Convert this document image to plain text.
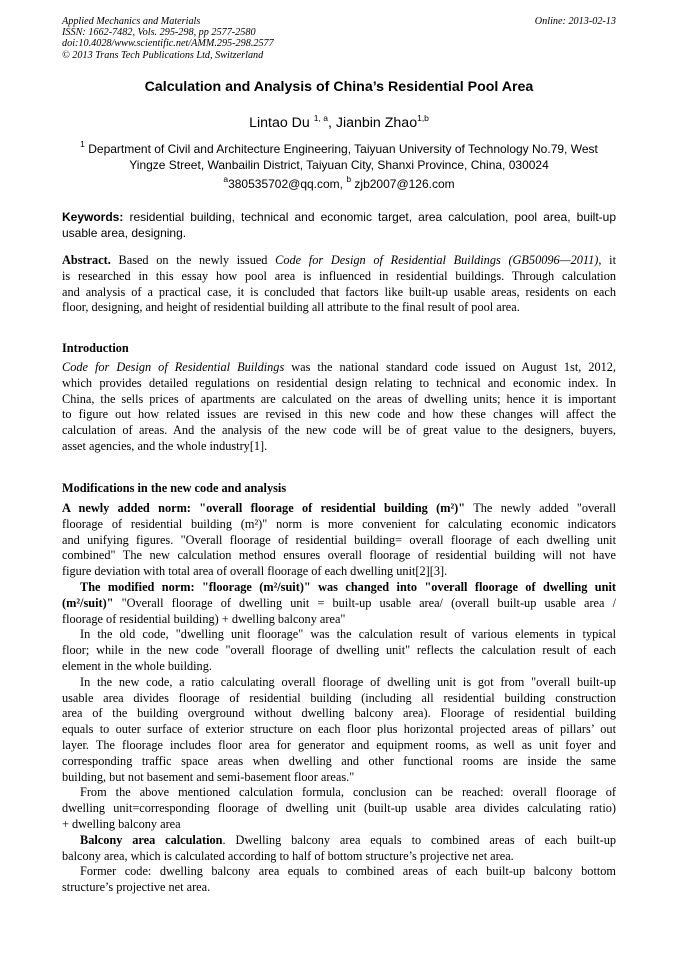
Applied Mechanics and Materials
ISSN: 1662-7482, Vols. 295-298, pp 2577-2580
doi:10.4028/www.scientific.net/AMM.295-298.2577
© 2013 Trans Tech Publications Ltd, Switzerland
Online: 2013-02-13
Calculation and Analysis of China’s Residential Pool Area
Lintao Du $^{1, a}$, Jianbin Zhao$^{1,b}$
$^1$ Department of Civil and Architecture Engineering, Taiyuan University of Technology No.79, West
Yingze Street, Wanbailin District, Taiyuan City, Shanxi Province, China, 030024
$^a$380535702@qq.com, $^b$ zjb2007@126.com
Keywords: residential building, technical and economic target, area calculation, pool area, built-up
usable area, designing.
Abstract. Based on the newly issued Code for Design of Residential Buildings (GB50096—2011), it
is researched in this essay how pool area is influenced in residential buildings. Through calculation
and analysis of a practical case, it is concluded that factors like built-up usable areas, residents on each
floor, designing, and height of residential building all attribute to the final result of pool area.
Introduction
Code for Design of Residential Buildings was the national standard code issued on August 1st, 2012,
which provides detailed regulations on residential design relating to technical and economic index. In
China, the sells prices of apartments are calculated on the areas of dwelling units; hence it is important
to figure out how related issues are revised in this new code and how these changes will affect the
calculation of areas. And the analysis of the new code will be of great value to the designers, buyers,
asset agencies, and the whole industry[1].
Modifications in the new code and analysis
A newly added norm: "overall floorage of residential building (m²)" The newly added "overall
floorage of residential building (m²)" norm is more convenient for calculating economic indicators
and unifying figures. "Overall floorage of residential building= overall floorage of each dwelling unit
combined" The new calculation method ensures overall floorage of residential building will not have
figure deviation with total area of overall floorage of each dwelling unit[2][3].
The modified norm: "floorage (m²/suit)" was changed into "overall floorage of dwelling unit
(m²/suit)" "Overall floorage of dwelling unit = built-up usable area/ (overall built-up usable area /
floorage of residential building) + dwelling balcony area"
In the old code, "dwelling unit floorage" was the calculation result of various elements in typical
floor; while in the new code "overall floorage of dwelling unit" reflects the calculation result of each
element in the whole building.
In the new code, a ratio calculating overall floorage of dwelling unit is got from "overall built-up
usable area divides floorage of residential building (including all residential building construction
area of the building overground without dwelling balcony area). Floorage of residential building
equals to outer surface of exterior structure on each floor plus horizontal projected areas of pillars’ out
layer. The floorage includes floor area for generator and equipment rooms, as well as unit foyer and
corresponding traffic space areas when dwelling and other functional rooms are inside the same
building, but not basement and semi-basement floor areas."
From the above mentioned calculation formula, conclusion can be reached: overall floorage of
dwelling unit=corresponding floorage of dwelling unit (built-up usable area divides calculating ratio)
+ dwelling balcony area
Balcony area calculation. Dwelling balcony area equals to combined areas of each built-up
balcony area, which is calculated according to half of bottom structure’s projective net area.
Former code: dwelling balcony area equals to combined areas of each built-up balcony bottom
structure’s projective net area.
